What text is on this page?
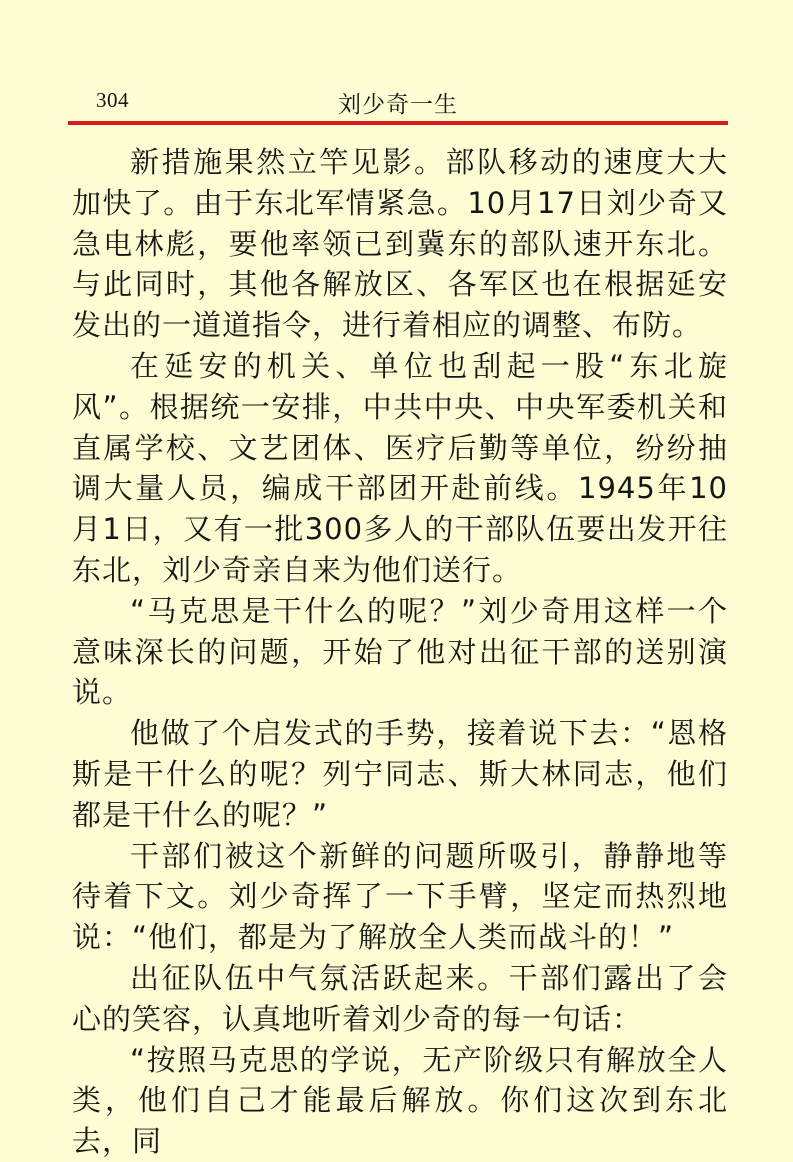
304	刘少奇一生

新措施果然立竿见影。部队移动的速度大大加快了。由于东北军情紧急。10月17日刘少奇又急电林彪，要他率领已到冀东的部队速开东北。与此同时，其他各解放区、各军区也在根据延安发出的一道道指令，进行着相应的调整、布防。

在延安的机关、单位也刮起一股“东北旋风”。根据统一安排，中共中央、中央军委机关和直属学校、文艺团体、医疗后勤等单位，纷纷抽调大量人员，编成干部团开赴前线。1945年10月1日，又有一批300多人的干部队伍要出发开往东北，刘少奇亲自来为他们送行。

“马克思是干什么的呢？”刘少奇用这样一个意味深长的问题，开始了他对出征干部的送别演说。

他做了个启发式的手势，接着说下去：“恩格斯是干什么的呢？列宁同志、斯大林同志，他们都是干什么的呢？”

干部们被这个新鲜的问题所吸引，静静地等待着下文。刘少奇挥了一下手臂，坚定而热烈地说：“他们，都是为了解放全人类而战斗的！”

出征队伍中气氛活跃起来。干部们露出了会心的笑容，认真地听着刘少奇的每一句话：

“按照马克思的学说，无产阶级只有解放全人类，他们自己才能最后解放。你们这次到东北去，同
